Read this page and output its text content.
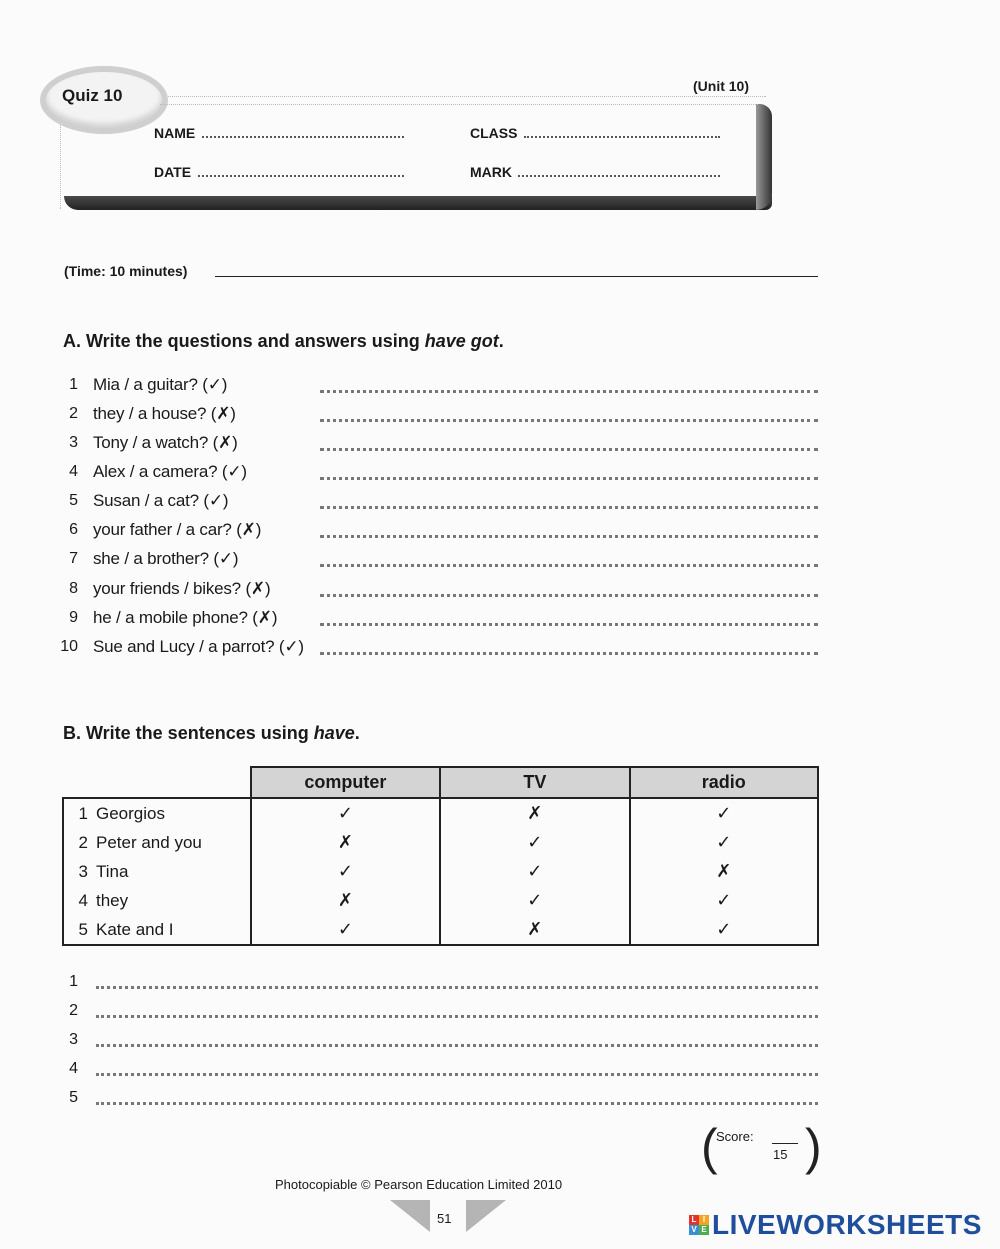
Quiz 10	(Unit 10)
NAME	CLASS
DATE	MARK
(Time: 10 minutes)
A. Write the questions and answers using have got.
1 Mia / a guitar? (✓)
2 they / a house? (✗)
3 Tony / a watch? (✗)
4 Alex / a camera? (✓)
5 Susan / a cat? (✓)
6 your father / a car? (✗)
7 she / a brother? (✓)
8 your friends / bikes? (✗)
9 he / a mobile phone? (✗)
10 Sue and Lucy / a parrot? (✓)
B. Write the sentences using have.
	computer	TV	radio
1 Georgios	✓	✗	✓
2 Peter and you	✗	✓	✓
3 Tina	✓	✓	✗
4 they	✗	✓	✓
5 Kate and I	✓	✗	✓
1
2
3
4
5
(
Score:
15 )
Photocopiable © Pearson Education Limited 2010
51	L I
V E LIVEWORKSHEETS
